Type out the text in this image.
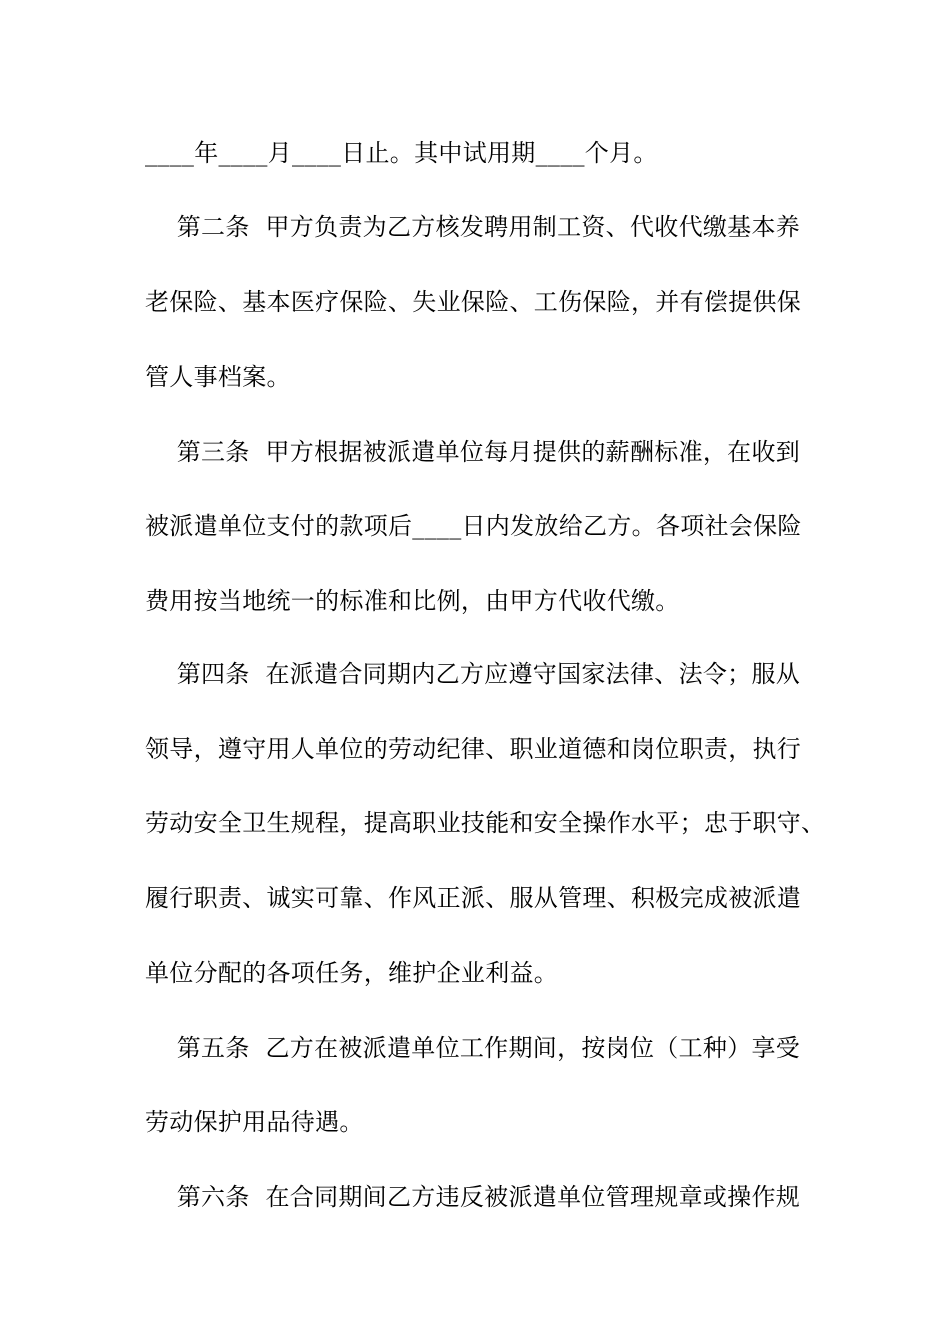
____年____月____日止。其中试用期____个月。
第二条  甲方负责为乙方核发聘用制工资、代收代缴基本养
老保险、基本医疗保险、失业保险、工伤保险，并有偿提供保
管人事档案。
第三条  甲方根据被派遣单位每月提供的薪酬标准，在收到
被派遣单位支付的款项后____日内发放给乙方。各项社会保险
费用按当地统一的标准和比例，由甲方代收代缴。
第四条  在派遣合同期内乙方应遵守国家法律、法令；服从
领导，遵守用人单位的劳动纪律、职业道德和岗位职责，执行
劳动安全卫生规程，提高职业技能和安全操作水平；忠于职守、
履行职责、诚实可靠、作风正派、服从管理、积极完成被派遣
单位分配的各项任务，维护企业利益。
第五条  乙方在被派遣单位工作期间，按岗位（工种）享受
劳动保护用品待遇。
第六条  在合同期间乙方违反被派遣单位管理规章或操作规
